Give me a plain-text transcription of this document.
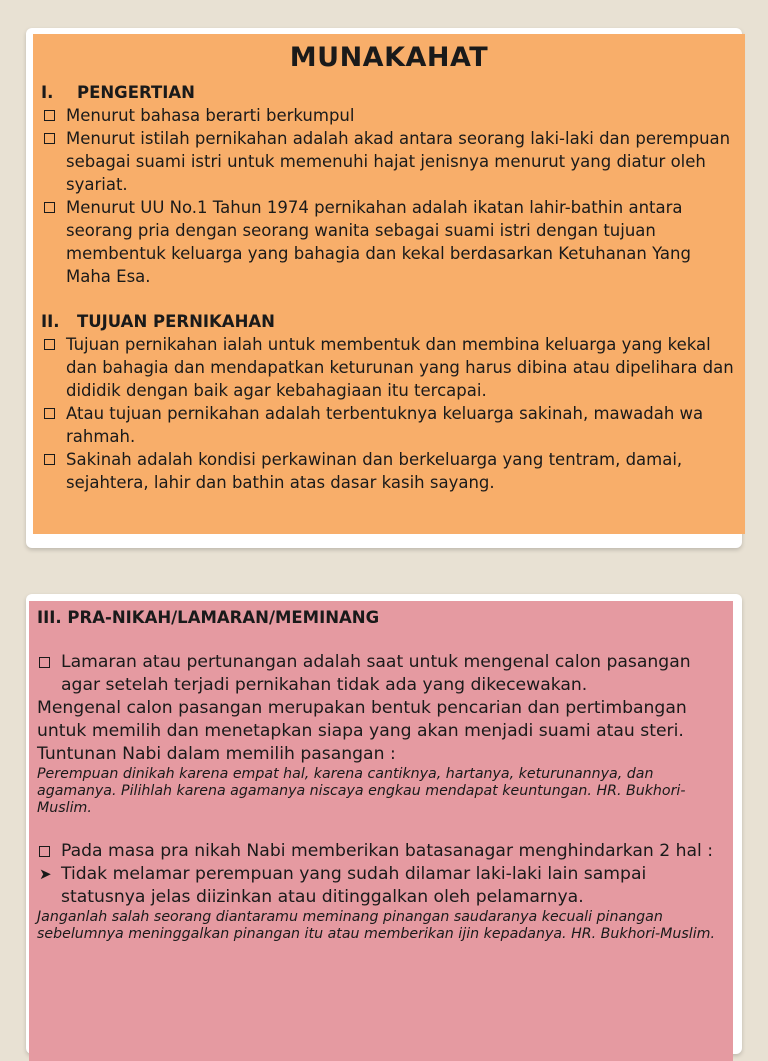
MUNAKAHAT

I. PENGERTIAN

Menurut bahasa berarti berkumpul
Menurut istilah pernikahan adalah akad antara seorang laki-laki dan perempuan sebagai suami istri untuk memenuhi hajat jenisnya menurut yang diatur oleh syariat.
Menurut UU No.1 Tahun 1974 pernikahan adalah ikatan lahir-bathin antara seorang pria dengan seorang wanita sebagai suami istri dengan tujuan membentuk keluarga yang bahagia dan kekal berdasarkan Ketuhanan Yang Maha Esa.

II. TUJUAN PERNIKAHAN

Tujuan pernikahan ialah untuk membentuk dan membina keluarga yang kekal dan bahagia dan mendapatkan keturunan yang harus dibina atau dipelihara dan dididik dengan baik agar kebahagiaan itu tercapai.
Atau tujuan pernikahan adalah terbentuknya keluarga sakinah, mawadah wa rahmah.
Sakinah adalah kondisi perkawinan dan berkeluarga yang tentram, damai, sejahtera, lahir dan bathin atas dasar kasih sayang.

III. PRA-NIKAH/LAMARAN/MEMINANG

Lamaran atau pertunangan adalah saat untuk mengenal calon pasangan agar setelah terjadi pernikahan tidak ada yang dikecewakan.

Mengenal calon pasangan merupakan bentuk pencarian dan pertimbangan untuk memilih dan menetapkan siapa yang akan menjadi suami atau steri.

Tuntunan Nabi dalam memilih pasangan :

Perempuan dinikah karena empat hal, karena cantiknya, hartanya, keturunannya, dan agamanya. Pilihlah karena agamanya niscaya engkau mendapat keuntungan. HR. Bukhori-Muslim.

Pada masa pra nikah Nabi memberikan batasanagar menghindarkan 2 hal :
➤ Tidak melamar perempuan yang sudah dilamar laki-laki lain sampai statusnya jelas diizinkan atau ditinggalkan oleh pelamarnya.

Janganlah salah seorang diantaramu meminang pinangan saudaranya kecuali pinangan sebelumnya meninggalkan pinangan itu atau memberikan ijin kepadanya. HR. Bukhori-Muslim.
